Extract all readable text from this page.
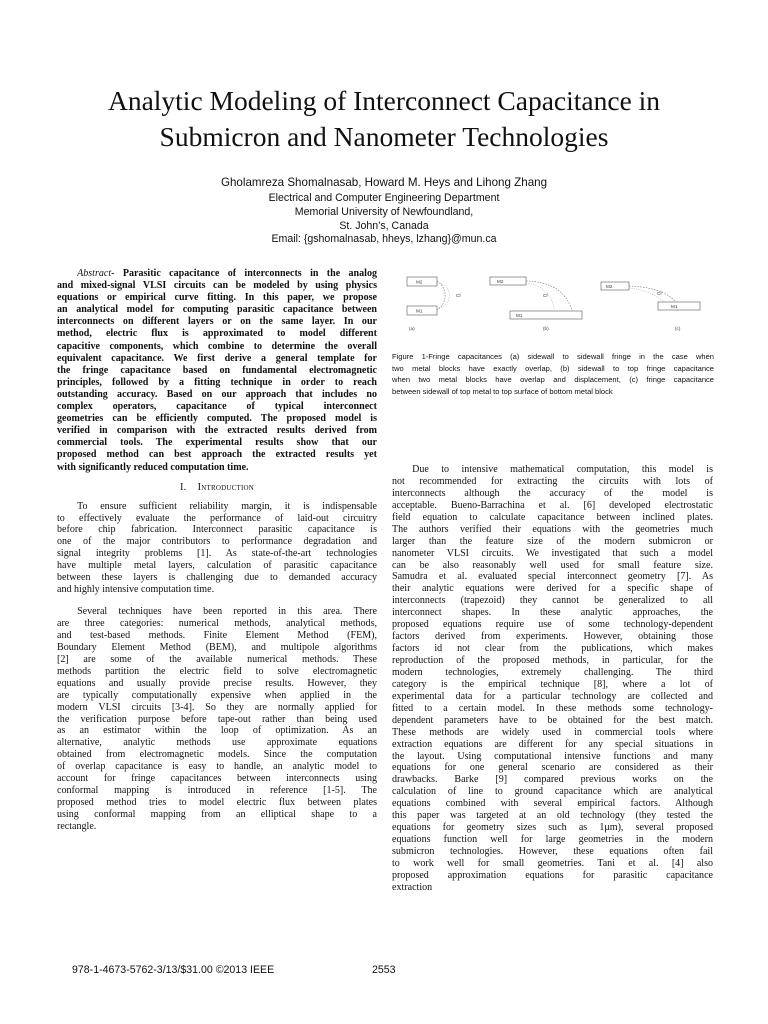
Analytic Modeling of Interconnect Capacitance in
Submicron and Nanometer Technologies
Gholamreza Shomalnasab, Howard M. Heys and Lihong Zhang
Electrical and Computer Engineering Department
Memorial University of Newfoundland,
St. John’s, Canada
Email: {gshomalnasab, hheys, lzhang}@mun.ca
  Abstract- Parasitic capacitance of interconnects in the analog
and mixed-signal VLSI circuits can be modeled by using physics
equations or empirical curve fitting. In this paper, we propose
an analytical model for computing parasitic capacitance between
interconnects on different layers or on the same layer. In our
method, electric flux is approximated to model different
capacitive components, which combine to determine the overall
equivalent capacitance. We first derive a general template for
the fringe capacitance based on fundamental electromagnetic
principles, followed by a fitting technique in order to reach
outstanding accuracy. Based on our approach that includes no
complex operators, capacitance of typical interconnect
geometries can be efficiently computed. The proposed model is
verified in comparison with the extracted results derived from
commercial tools. The experimental results show that our
proposed method can best approach the extracted results yet
with significantly reduced computation time.
I. Introduction
  To ensure sufficient reliability margin, it is indispensable
to effectively evaluate the performance of laid-out circuitry
before chip fabrication. Interconnect parasitic capacitance is
one of the major contributors to performance degradation and
signal integrity problems [1]. As state-of-the-art technologies
have multiple metal layers, calculation of parasitic capacitance
between these layers is challenging due to demanded accuracy
and highly intensive computation time.
  Several techniques have been reported in this area. There
are three categories: numerical methods, analytical methods,
and test-based methods. Finite Element Method (FEM),
Boundary Element Method (BEM), and multipole algorithms
[2] are some of the available numerical methods. These
methods partition the electric field to solve electromagnetic
equations and usually provide precise results. However, they
are typically computationally expensive when applied in the
modern VLSI circuits [3-4]. So they are normally applied for
the verification purpose before tape-out rather than being used
as an estimator within the loop of optimization. As an
alternative, analytic methods use approximate equations
obtained from electromagnetic models. Since the computation
of overlap capacitance is easy to handle, an analytic model to
account for fringe capacitances between interconnects using
conformal mapping is introduced in reference [1-5]. The
proposed method tries to model electric flux between plates
using conformal mapping from an elliptical shape to a
rectangle.
M2
M1
Cf
(a)
M2
M1
Cf
(b)
M2
M1
Cf
(c)
Figure 1-Fringe capacitances (a) sidewall to sidewall fringe in the case when
two metal blocks have exactly overlap, (b) sidewall to top fringe capacitance
when two metal blocks have overlap and displacement, (c) fringe capacitance
between sidewall of top metal to top surface of bottom metal block
  Due to intensive mathematical computation, this model is
not recommended for extracting the circuits with lots of
interconnects although the accuracy of the model is
acceptable. Bueno-Barrachina et al. [6] developed electrostatic
field equation to calculate capacitance between inclined plates.
The authors verified their equations with the geometries much
larger than the feature size of the modern submicron or
nanometer VLSI circuits. We investigated that such a model
can be also reasonably well used for small feature size.
Samudra et al. evaluated special interconnect geometry [7]. As
their analytic equations were derived for a specific shape of
interconnects (trapezoid) they cannot be generalized to all
interconnect shapes. In these analytic approaches, the
proposed equations require use of some technology-dependent
factors derived from experiments. However, obtaining those
factors id not clear from the publications, which makes
reproduction of the proposed methods, in particular, for the
modern technologies, extremely challenging. The third
category is the empirical technique [8], where a lot of
experimental data for a particular technology are collected and
fitted to a certain model. In these methods some technology-
dependent parameters have to be obtained for the best match.
These methods are widely used in commercial tools where
extraction equations are different for any special situations in
the layout. Using computational intensive functions and many
equations for one general scenario are considered as their
drawbacks. Barke [9] compared previous works on the
calculation of line to ground capacitance which are analytical
equations combined with several empirical factors. Although
this paper was targeted at an old technology (they tested the
equations for geometry sizes such as 1μm), several proposed
equations function well for large geometries in the modern
submicron technologies. However, these equations often fail
to work well for small geometries. Tani et al. [4] also
proposed approximation equations for parasitic capacitance
extraction
978-1-4673-5762-3/13/$31.00 ©2013 IEEE	2553
